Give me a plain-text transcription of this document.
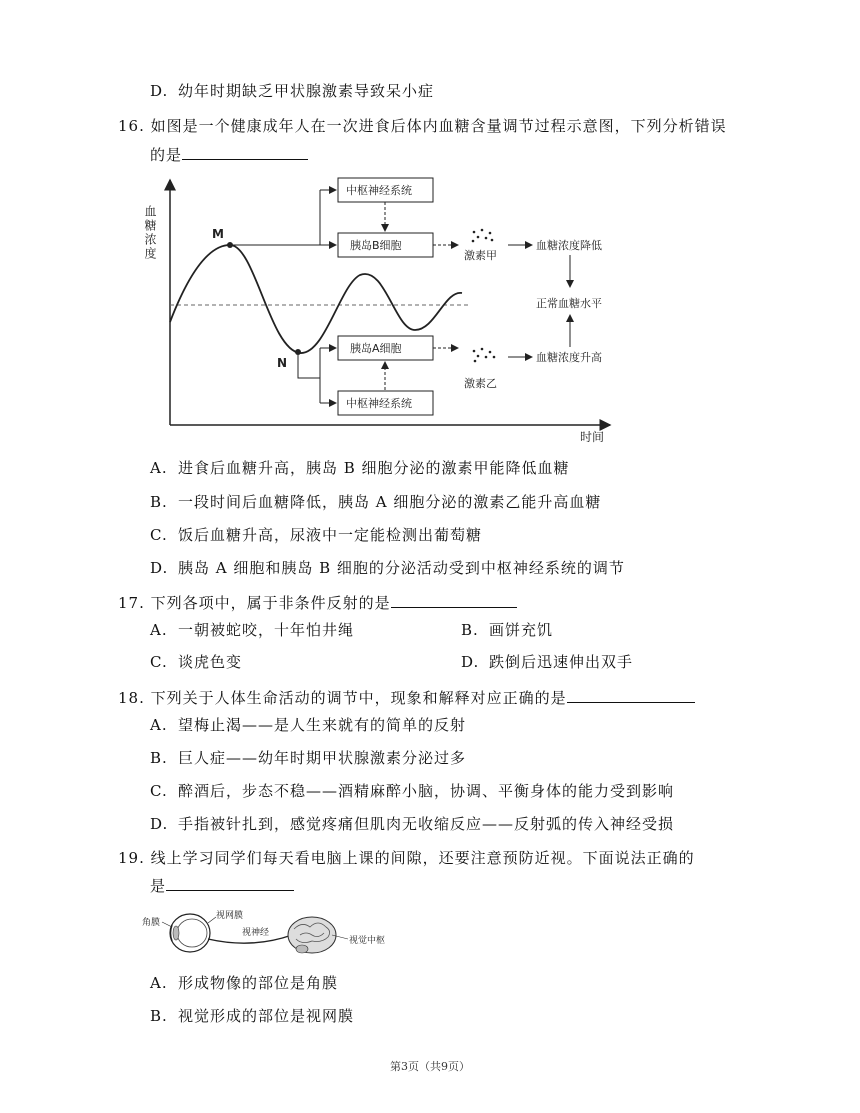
D. 幼年时期缺乏甲状腺激素导致呆小症
16. 如图是一个健康成年人在一次进食后体内血糖含量调节过程示意图，下列分析错误
的是
血糖浓度
时间
M
N
中枢神经系统
胰岛B细胞
激素甲
血糖浓度降低
正常血糖水平
血糖浓度升高
胰岛A细胞
中枢神经系统
激素乙
A. 进食后血糖升高，胰岛 B 细胞分泌的激素甲能降低血糖
B. 一段时间后血糖降低，胰岛 A 细胞分泌的激素乙能升高血糖
C. 饭后血糖升高，尿液中一定能检测出葡萄糖
D. 胰岛 A 细胞和胰岛 B 细胞的分泌活动受到中枢神经系统的调节
17. 下列各项中，属于非条件反射的是
A. 一朝被蛇咬，十年怕井绳	B. 画饼充饥
C. 谈虎色变	D. 跌倒后迅速伸出双手
18. 下列关于人体生命活动的调节中，现象和解释对应正确的是
A. 望梅止渴——是人生来就有的简单的反射
B. 巨人症——幼年时期甲状腺激素分泌过多
C. 醉酒后，步态不稳——酒精麻醉小脑，协调、平衡身体的能力受到影响
D. 手指被针扎到，感觉疼痛但肌肉无收缩反应——反射弧的传入神经受损
19. 线上学习同学们每天看电脑上课的间隙，还要注意预防近视。下面说法正确的
是
角膜
视网膜
视神经
视觉中枢
A. 形成物像的部位是角膜
B. 视觉形成的部位是视网膜
第3页（共9页）
